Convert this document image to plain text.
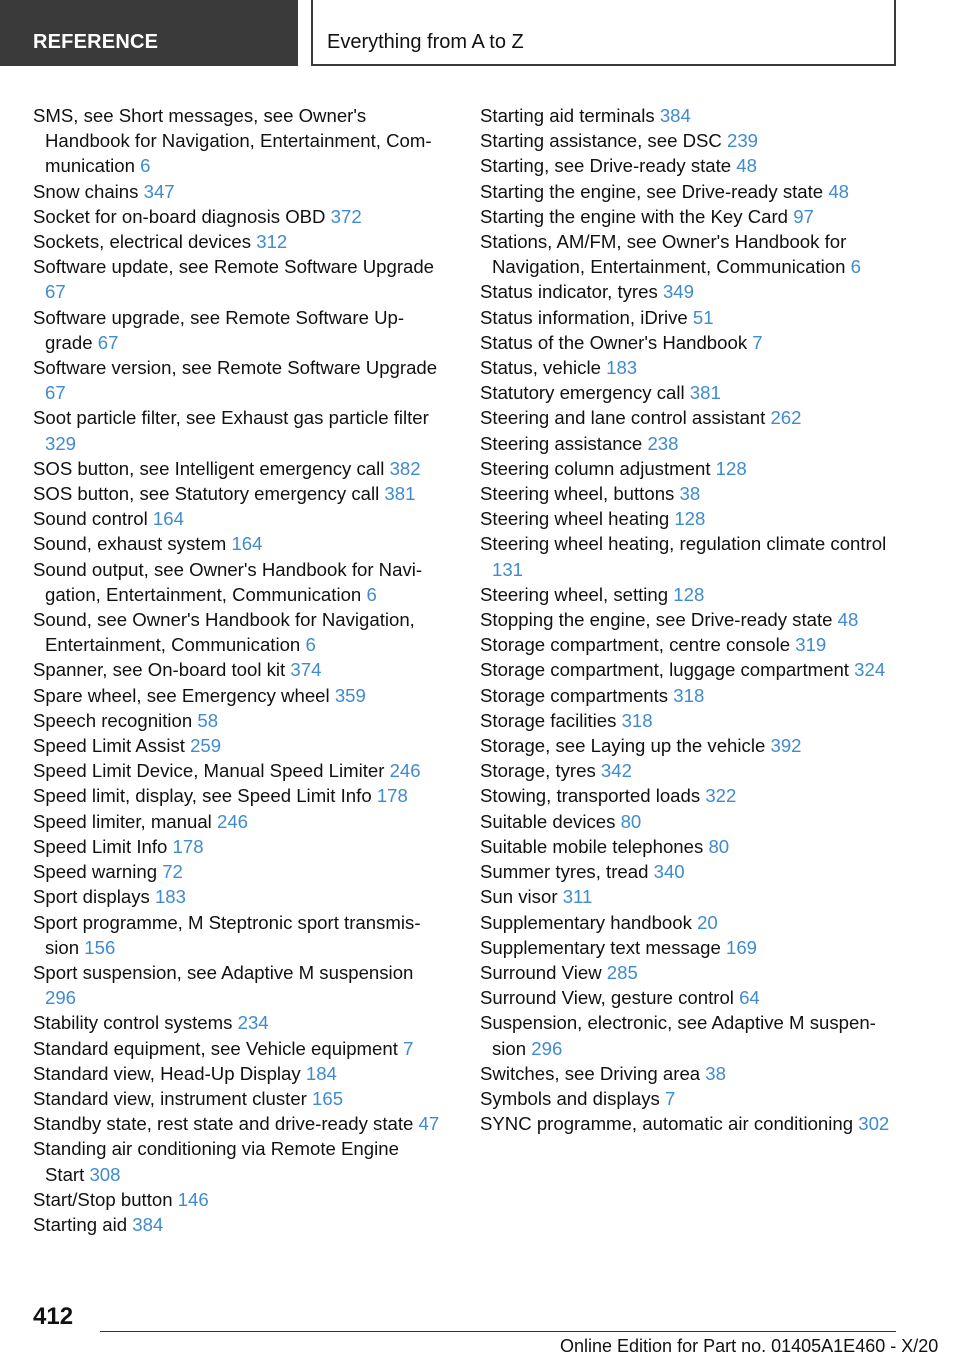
REFERENCE	Everything from A to Z
SMS, see Short messages, see Owner's Handbook for Navigation, Entertainment, Communication 6
Snow chains 347
Socket for on-board diagnosis OBD 372
Sockets, electrical devices 312
Software update, see Remote Software Upgrade 67
Software upgrade, see Remote Software Upgrade 67
Software version, see Remote Software Upgrade 67
Soot particle filter, see Exhaust gas particle filter 329
SOS button, see Intelligent emergency call 382
SOS button, see Statutory emergency call 381
Sound control 164
Sound, exhaust system 164
Sound output, see Owner's Handbook for Navigation, Entertainment, Communication 6
Sound, see Owner's Handbook for Navigation, Entertainment, Communication 6
Spanner, see On-board tool kit 374
Spare wheel, see Emergency wheel 359
Speech recognition 58
Speed Limit Assist 259
Speed Limit Device, Manual Speed Limiter 246
Speed limit, display, see Speed Limit Info 178
Speed limiter, manual 246
Speed Limit Info 178
Speed warning 72
Sport displays 183
Sport programme, M Steptronic sport transmission 156
Sport suspension, see Adaptive M suspension 296
Stability control systems 234
Standard equipment, see Vehicle equipment 7
Standard view, Head-Up Display 184
Standard view, instrument cluster 165
Standby state, rest state and drive-ready state 47
Standing air conditioning via Remote Engine Start 308
Start/Stop button 146
Starting aid 384
Starting aid terminals 384
Starting assistance, see DSC 239
Starting, see Drive-ready state 48
Starting the engine, see Drive-ready state 48
Starting the engine with the Key Card 97
Stations, AM/FM, see Owner's Handbook for Navigation, Entertainment, Communication 6
Status indicator, tyres 349
Status information, iDrive 51
Status of the Owner's Handbook 7
Status, vehicle 183
Statutory emergency call 381
Steering and lane control assistant 262
Steering assistance 238
Steering column adjustment 128
Steering wheel, buttons 38
Steering wheel heating 128
Steering wheel heating, regulation climate control 131
Steering wheel, setting 128
Stopping the engine, see Drive-ready state 48
Storage compartment, centre console 319
Storage compartment, luggage compartment 324
Storage compartments 318
Storage facilities 318
Storage, see Laying up the vehicle 392
Storage, tyres 342
Stowing, transported loads 322
Suitable devices 80
Suitable mobile telephones 80
Summer tyres, tread 340
Sun visor 311
Supplementary handbook 20
Supplementary text message 169
Surround View 285
Surround View, gesture control 64
Suspension, electronic, see Adaptive M suspension 296
Switches, see Driving area 38
Symbols and displays 7
SYNC programme, automatic air conditioning 302
412
Online Edition for Part no. 01405A1E460 - X/20
